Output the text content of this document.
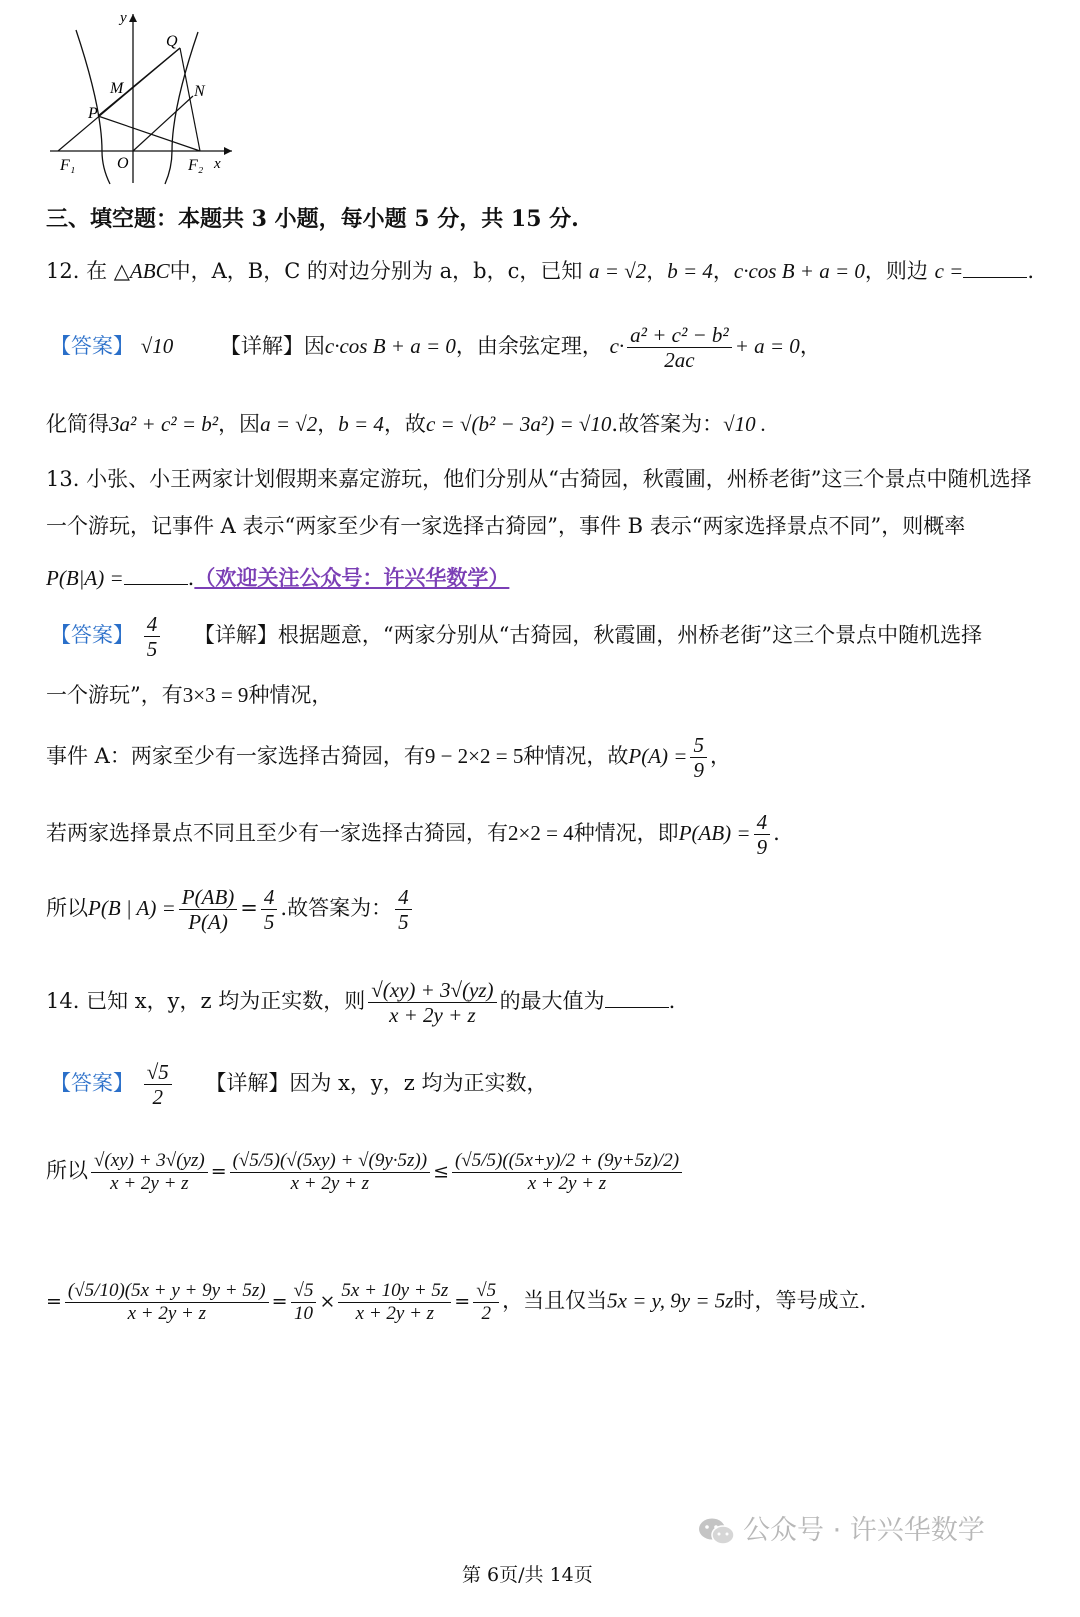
y
Q
M	N
P
F₁	O	F₂ x
三、填空题：本题共 3 小题，每小题 5 分，共 15 分.
12. 在 △ABC中，A，B，C 的对边分别为 a，b，c，已知 a = √2，b = 4，c·cos B + a = 0，则边 c =	.
【答案】 √10 【详解】因c·cos B + a = 0，由余弦定理， $c\cdot \frac{\text{a² + c² − b²}}{2ac} + a = 0$，
化简得3a² + c² = b²，因a = √2，b = 4，故c = √(b² − 3a²) = √10.故答案为：√10 .
13. 小张、小王两家计划假期来嘉定游玩，他们分别从“古猗园，秋霞圃，州桥老街”这三个景点中随机选择
一个游玩，记事件 A 表示“两家至少有一家选择古猗园”，事件 B 表示“两家选择景点不同”，则概率
P(B|A) =	.（欢迎关注公众号：许兴华数学）
【答案】 $\frac{4}{5}$ 【详解】根据题意，“两家分别从“古猗园，秋霞圃，州桥老街”这三个景点中随机选择
一个游玩”，有3×3 = 9种情况，
事件 A：两家至少有一家选择古猗园，有9 − 2×2 = 5种情况，故$P(A) = \frac{5}{9}$ ，
若两家选择景点不同且至少有一家选择古猗园，有2×2 = 4种情况，即$P(AB) = \frac{4}{9}$ .
所以P(B | $A) = \frac{P(AB)}{P(A)} = \frac{4}{5}$ .故答案为： $\frac{4}{5}$
14. 已知 x，y，z 均为正实数，则 $\frac{√(xy) + 3√(yz)}{x + 2y + z}$ 的最大值为	.
【答案】 $\frac{√5}{2}$ 【详解】因为 x，y，z 均为正实数，
所以 $\frac{√(xy) + 3√(yz)}{x + 2y + z} = \frac{(√5/5)(√(5xy) + √(9y\cdot 5z))}{x + 2y + z} \le \frac{(√5/5)((5x+y)/2 + (9y+5z)/2)}{x + 2y + z}$
= $\frac{(√5/10)(5x + y + 9y + 5z)}{x + 2y + z} = \frac{√5}{10} \times \frac{5x + 10y + 5z}{x + 2y + z} = \frac{√5}{2}$ ，当且仅当5x = y, 9y = 5z时，等号成立.
公众号 · 许兴华数学
第 6页/共 14页
